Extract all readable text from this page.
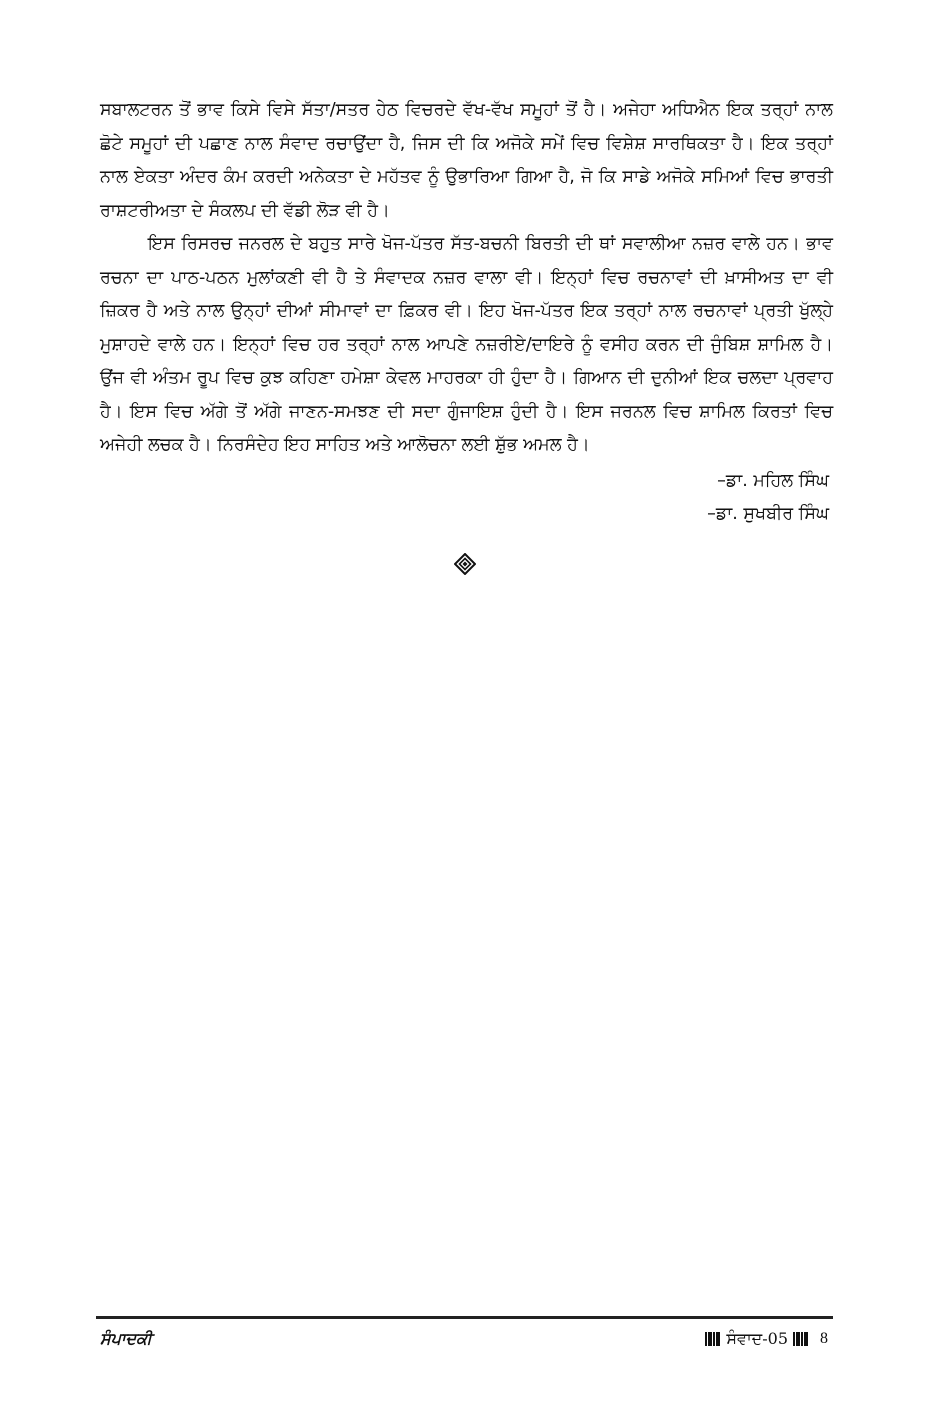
ਸਬਾਲਟਰਨ ਤੋਂ ਭਾਵ ਕਿਸੇ ਵਿਸੇ ਸੱਤਾ/ਸਤਰ ਹੇਠ ਵਿਚਰਦੇ ਵੱਖ-ਵੱਖ ਸਮੂਹਾਂ ਤੋਂ ਹੈ। ਅਜੇਹਾ ਅਧਿਐਨ ਇਕ ਤਰ੍ਹਾਂ ਨਾਲ ਛੋਟੇ ਸਮੂਹਾਂ ਦੀ ਪਛਾਣ ਨਾਲ ਸੰਵਾਦ ਰਚਾਉਂਦਾ ਹੈ, ਜਿਸ ਦੀ ਕਿ ਅਜੋਕੇ ਸਮੇਂ ਵਿਚ ਵਿਸ਼ੇਸ਼ ਸਾਰਥਿਕਤਾ ਹੈ। ਇਕ ਤਰ੍ਹਾਂ ਨਾਲ ਏਕਤਾ ਅੰਦਰ ਕੰਮ ਕਰਦੀ ਅਨੇਕਤਾ ਦੇ ਮਹੱਤਵ ਨੂੰ ਉਭਾਰਿਆ ਗਿਆ ਹੈ, ਜੋ ਕਿ ਸਾਡੇ ਅਜੋਕੇ ਸਮਿਆਂ ਵਿਚ ਭਾਰਤੀ ਰਾਸ਼ਟਰੀਅਤਾ ਦੇ ਸੰਕਲਪ ਦੀ ਵੱਡੀ ਲੋੜ ਵੀ ਹੈ।

ਇਸ ਰਿਸਰਚ ਜਨਰਲ ਦੇ ਬਹੁਤ ਸਾਰੇ ਖੋਜ-ਪੱਤਰ ਸੱਤ-ਬਚਨੀ ਬਿਰਤੀ ਦੀ ਥਾਂ ਸਵਾਲੀਆ ਨਜ਼ਰ ਵਾਲੇ ਹਨ। ਭਾਵ ਰਚਨਾ ਦਾ ਪਾਠ-ਪਠਨ ਮੁਲਾਂਕਣੀ ਵੀ ਹੈ ਤੇ ਸੰਵਾਦਕ ਨਜ਼ਰ ਵਾਲਾ ਵੀ। ਇਨ੍ਹਾਂ ਵਿਚ ਰਚਨਾਵਾਂ ਦੀ ਖ਼ਾਸੀਅਤ ਦਾ ਵੀ ਜ਼ਿਕਰ ਹੈ ਅਤੇ ਨਾਲ ਉਨ੍ਹਾਂ ਦੀਆਂ ਸੀਮਾਵਾਂ ਦਾ ਫ਼ਿਕਰ ਵੀ। ਇਹ ਖੋਜ-ਪੱਤਰ ਇਕ ਤਰ੍ਹਾਂ ਨਾਲ ਰਚਨਾਵਾਂ ਪ੍ਰਤੀ ਖੁੱਲ੍ਹੇ ਮੁਸ਼ਾਹਦੇ ਵਾਲੇ ਹਨ। ਇਨ੍ਹਾਂ ਵਿਚ ਹਰ ਤਰ੍ਹਾਂ ਨਾਲ ਆਪਣੇ ਨਜ਼ਰੀਏ/ਦਾਇਰੇ ਨੂੰ ਵਸੀਹ ਕਰਨ ਦੀ ਜੁੰਬਿਸ਼ ਸ਼ਾਮਿਲ ਹੈ। ਉਂਜ ਵੀ ਅੰਤਮ ਰੂਪ ਵਿਚ ਕੁਝ ਕਹਿਣਾ ਹਮੇਸ਼ਾ ਕੇਵਲ ਮਾਹਰਕਾ ਹੀ ਹੁੰਦਾ ਹੈ। ਗਿਆਨ ਦੀ ਦੁਨੀਆਂ ਇਕ ਚਲਦਾ ਪ੍ਰਵਾਹ ਹੈ। ਇਸ ਵਿਚ ਅੱਗੇ ਤੋਂ ਅੱਗੇ ਜਾਣਨ-ਸਮਝਣ ਦੀ ਸਦਾ ਗੁੰਜਾਇਸ਼ ਹੁੰਦੀ ਹੈ। ਇਸ ਜਰਨਲ ਵਿਚ ਸ਼ਾਮਿਲ ਕਿਰਤਾਂ ਵਿਚ ਅਜੇਹੀ ਲਚਕ ਹੈ। ਨਿਰਸੰਦੇਹ ਇਹ ਸਾਹਿਤ ਅਤੇ ਆਲੋਚਨਾ ਲਈ ਸ਼ੁੱਭ ਅਮਲ ਹੈ।

–ਡਾ. ਮਹਿਲ ਸਿੰਘ
–ਡਾ. ਸੁਖਬੀਰ ਸਿੰਘ
ਸੰਪਾਦਕੀ	ਸੰਵਾਦ-05 8
